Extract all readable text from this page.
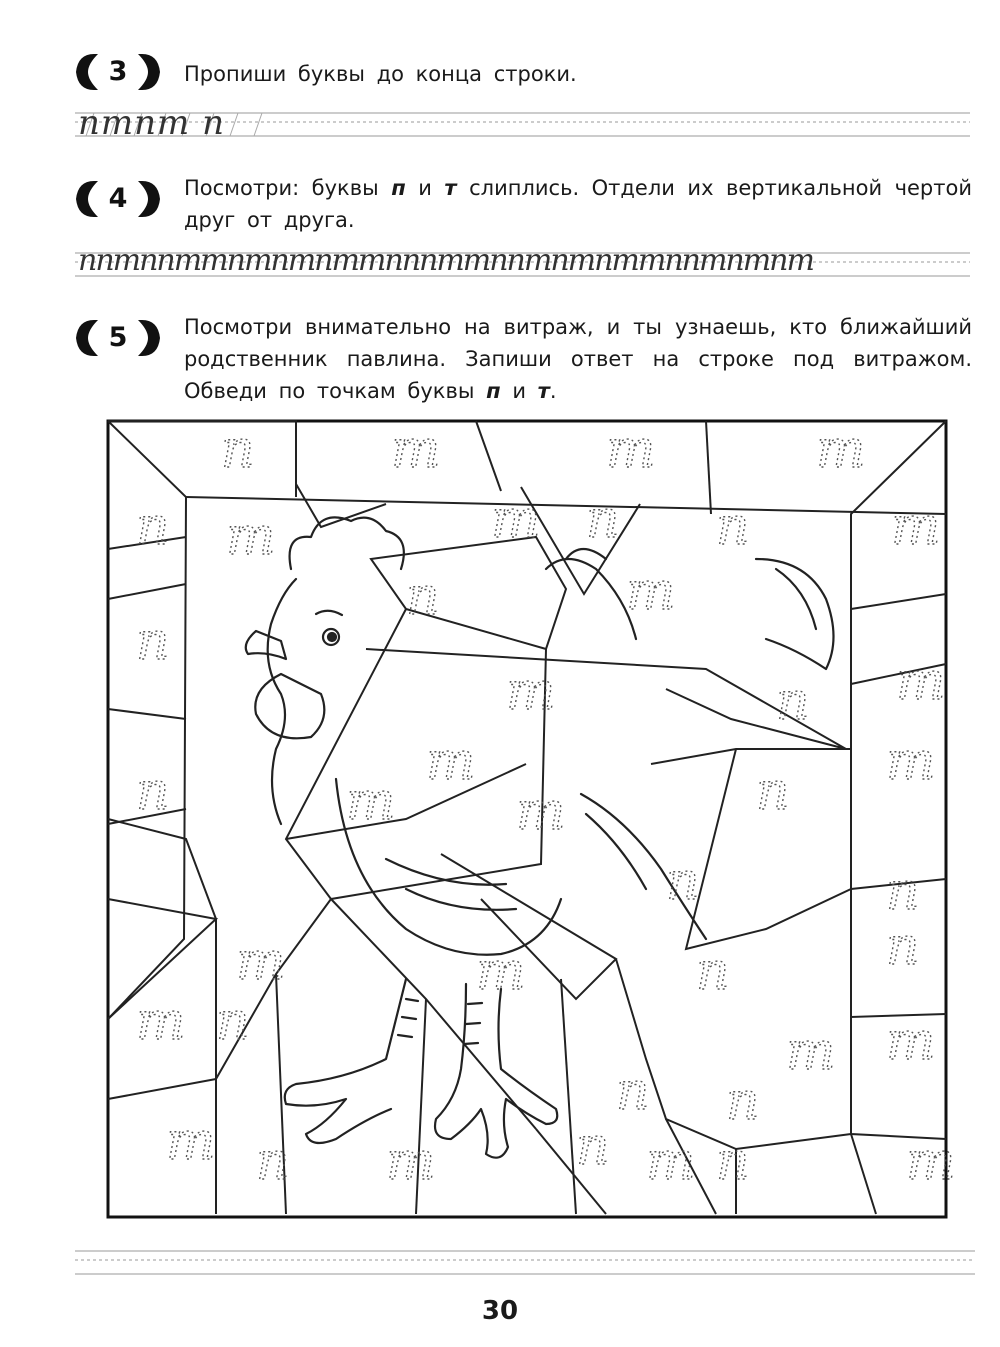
3
4
5
Пропиши буквы до конца строки.
Посмотри: буквы п и т слиплись. Отдели их вертикальной чертой друг от друга.
Посмотри внимательно на витраж, и ты узнаешь, кто ближайший родственник павлина. Запиши ответ на строке под витражом. Обведи по точкам буквы п и т.
птпт п
пптппттптптпттпппттпптптпттпптптпт
п	т	т	т
п т	т п п	т
п	т
п
т
т	п
т
п	т
п
т
т
п	п
т	п
т	п
т п	т
п
т
п
т п т	п т п	т
30
